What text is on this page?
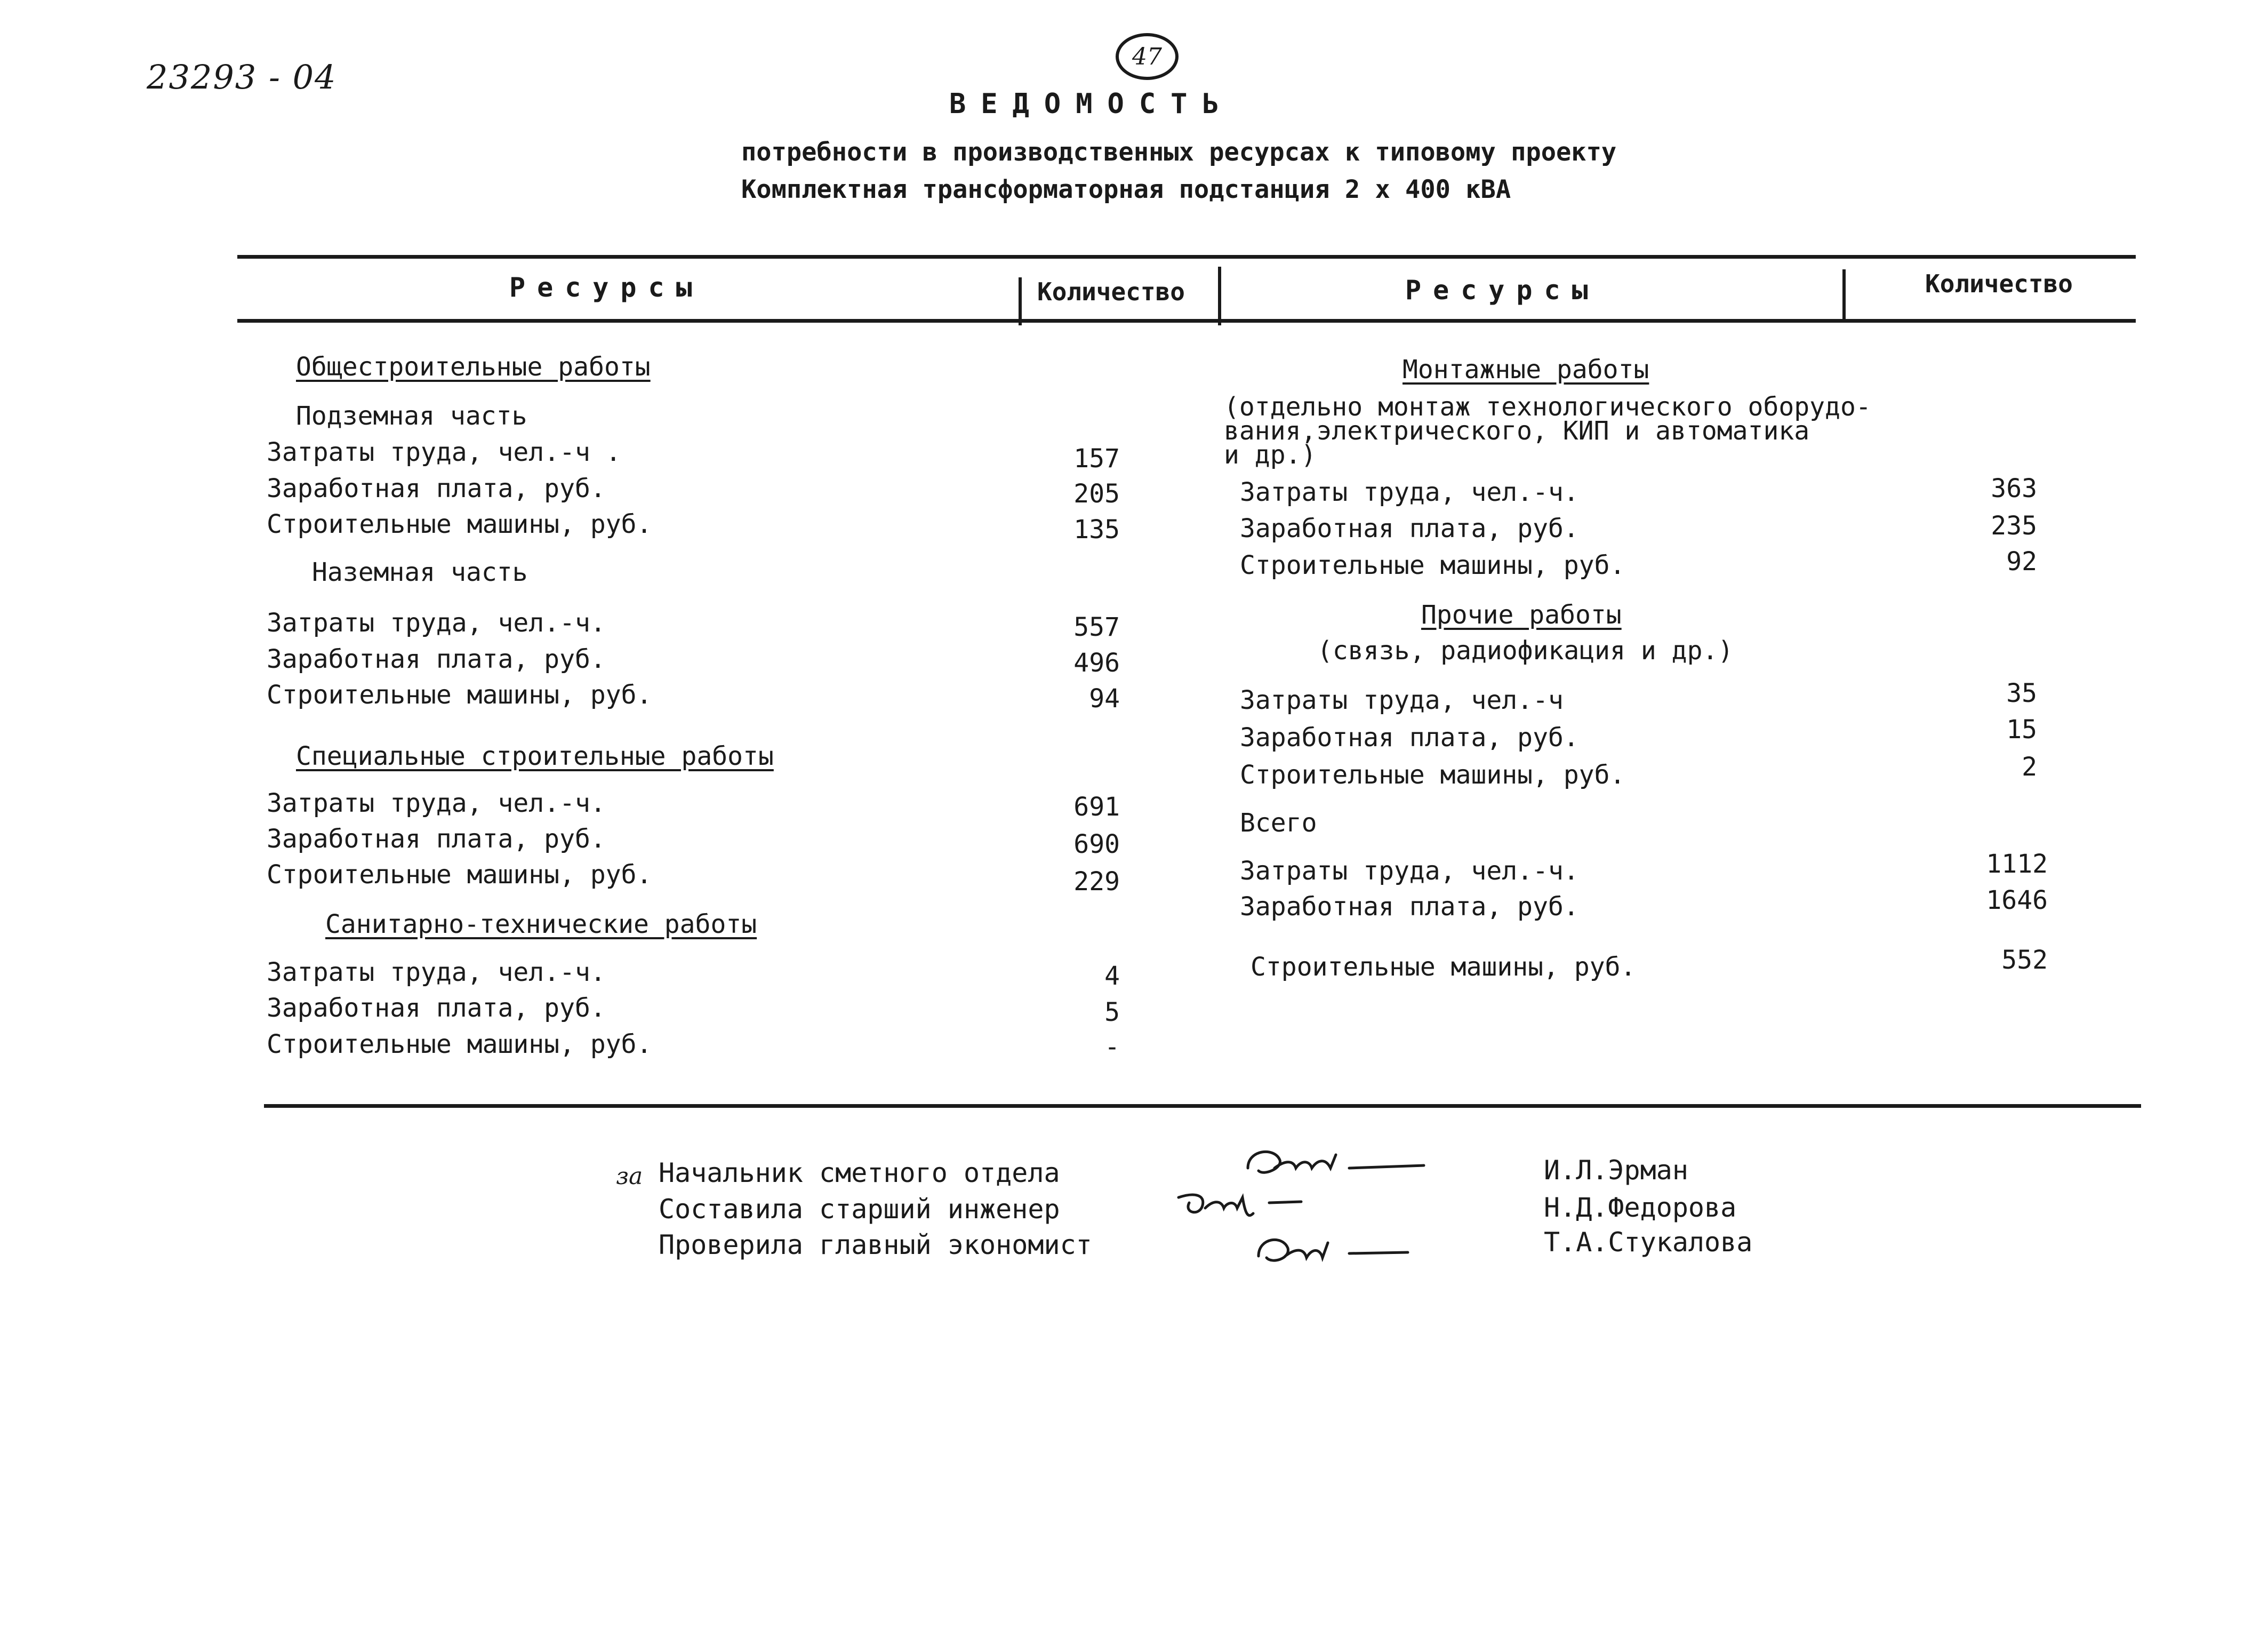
23293 - 04
47
ВЕДОМОСТЬ
потребности в производственных ресурсах к типовому проекту
Комплектная трансформаторная подстанция 2 х 400 кВА
Ресурсы	Количество	Ресурсы	Количество
Общестроительные работы
Подземная часть
Затраты труда, чел.-ч .	157
Заработная плата, руб.	205
Строительные машины, руб.	135
Наземная часть
Затраты труда, чел.-ч.	557
Заработная плата, руб.	496
Строительные машины, руб.	94
Специальные строительные работы
Затраты труда, чел.-ч.	691
Заработная плата, руб.	690
Строительные машины, руб.	229
Санитарно-технические работы
Затраты труда, чел.-ч.	4
Заработная плата, руб.	5
Строительные машины, руб.	-
Монтажные работы
(отдельно монтаж технологического оборудо-
вания,электрического, КИП и автоматика
и др.)
Затраты труда, чел.-ч.	363
Заработная плата, руб.	235
Строительные машины, руб.	92
Прочие работы
(связь, радиофикация и др.)
Затраты труда, чел.-ч	35
Заработная плата, руб.	15
Строительные машины, руб.	2
Всего
Затраты труда, чел.-ч.	1112
Заработная плата, руб.	1646
Строительные машины, руб.	552
за Начальник сметного отдела
Составила старший инженер
Проверила главный экономист
И.Л.Эрман
Н.Д.Федорова
Т.А.Стукалова
